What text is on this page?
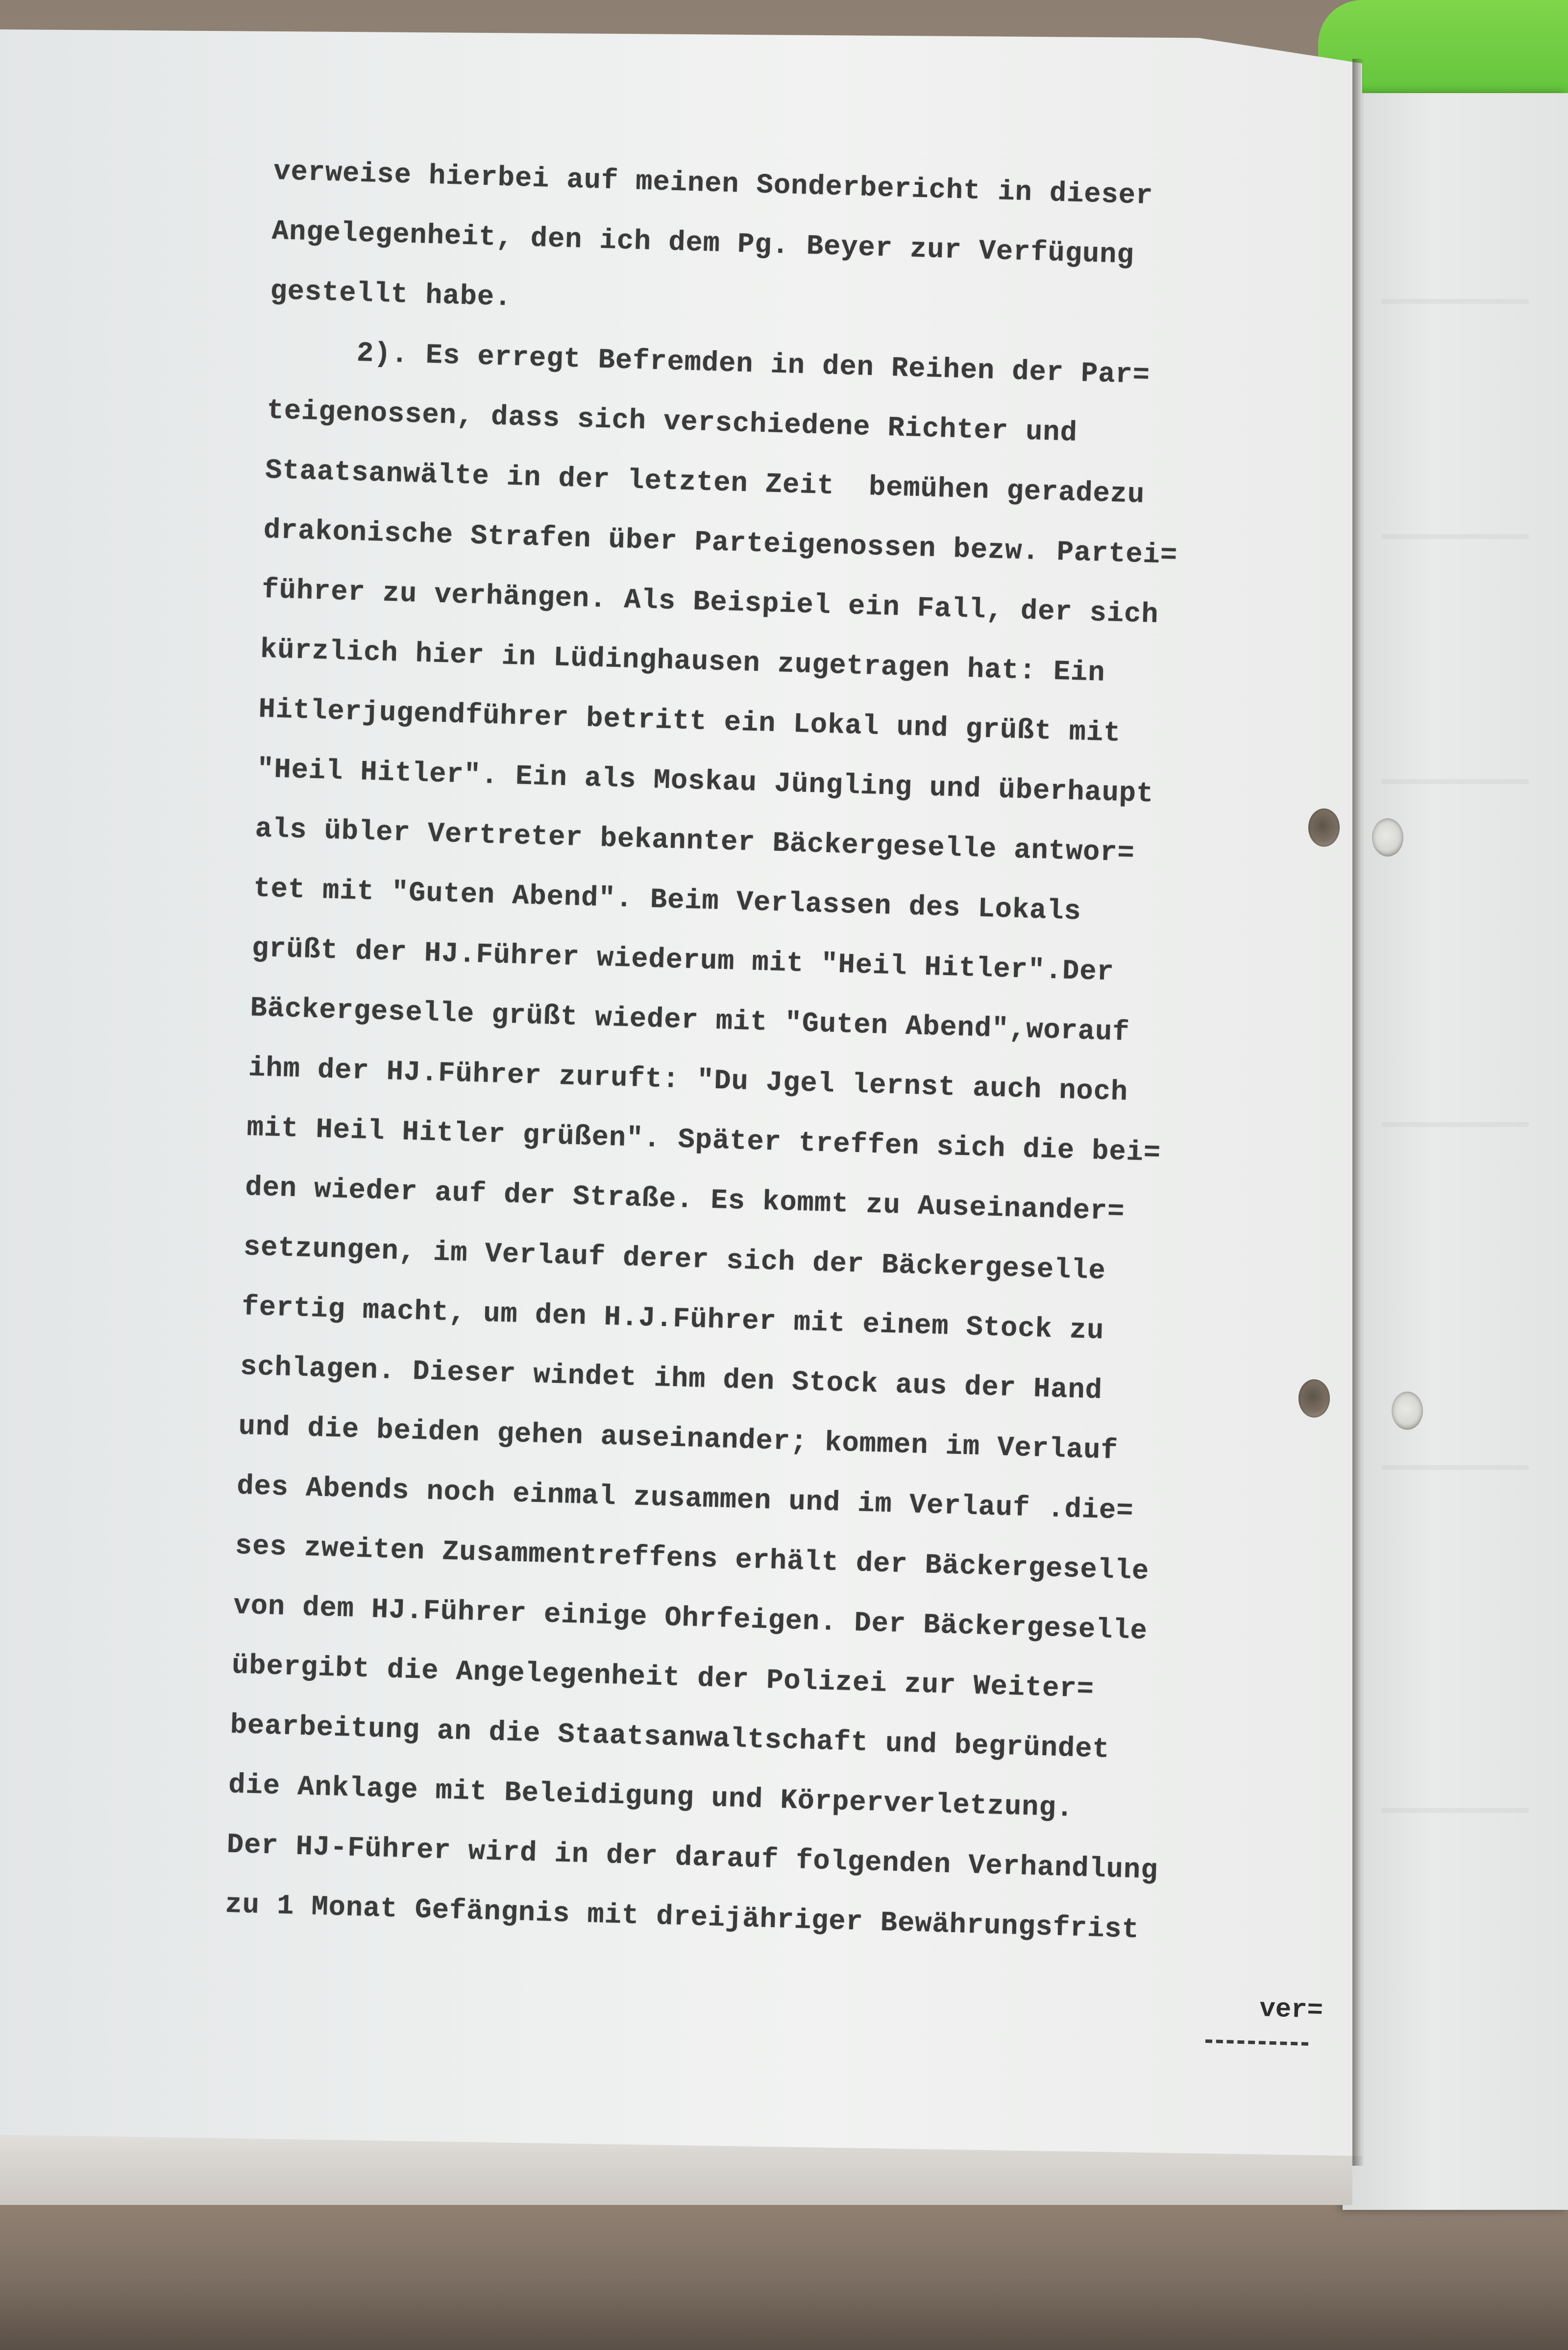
verweise hierbei auf meinen Sonderbericht in dieser
Angelegenheit, den ich dem Pg. Beyer zur Verfügung
gestellt habe.
2). Es erregt Befremden in den Reihen der Par=
teigenossen, dass sich verschiedene Richter und
Staatsanwälte in der letzten Zeit  bemühen geradezu
drakonische Strafen über Parteigenossen bezw. Partei=
führer zu verhängen. Als Beispiel ein Fall, der sich
kürzlich hier in Lüdinghausen zugetragen hat: Ein
Hitlerjugendführer betritt ein Lokal und grüßt mit
"Heil Hitler". Ein als Moskau Jüngling und überhaupt
als übler Vertreter bekannter Bäckergeselle antwor=
tet mit "Guten Abend". Beim Verlassen des Lokals
grüßt der HJ.Führer wiederum mit "Heil Hitler".Der
Bäckergeselle grüßt wieder mit "Guten Abend",worauf
ihm der HJ.Führer zuruft: "Du Jgel lernst auch noch
mit Heil Hitler grüßen". Später treffen sich die bei=
den wieder auf der Straße. Es kommt zu Auseinander=
setzungen, im Verlauf derer sich der Bäckergeselle
fertig macht, um den H.J.Führer mit einem Stock zu
schlagen. Dieser windet ihm den Stock aus der Hand
und die beiden gehen auseinander; kommen im Verlauf
des Abends noch einmal zusammen und im Verlauf .die=
ses zweiten Zusammentreffens erhält der Bäckergeselle
von dem HJ.Führer einige Ohrfeigen. Der Bäckergeselle
übergibt die Angelegenheit der Polizei zur Weiter=
bearbeitung an die Staatsanwaltschaft und begründet
die Anklage mit Beleidigung und Körperverletzung.
Der HJ-Führer wird in der darauf folgenden Verhandlung
zu 1 Monat Gefängnis mit dreijähriger Bewährungsfrist
ver=
